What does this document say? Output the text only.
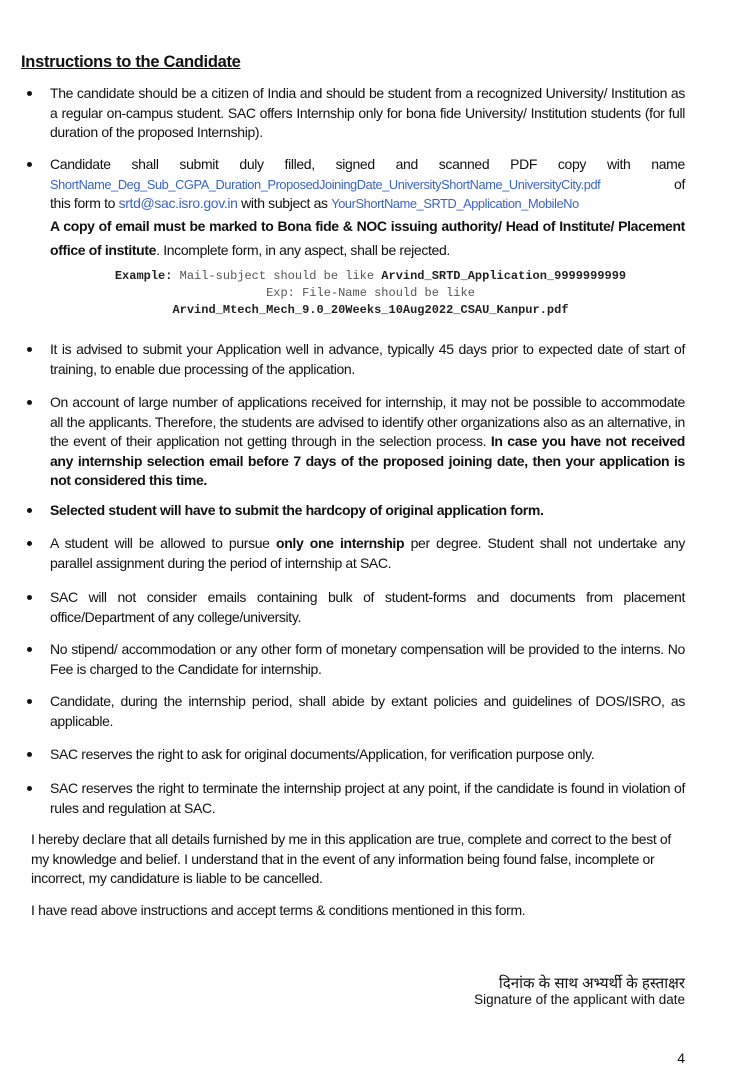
Instructions to the Candidate
The candidate should be a citizen of India and should be student from a recognized University/ Institution as a regular on-campus student. SAC offers Internship only for bona fide University/ Institution students (for full duration of the proposed Internship).
Candidate shall submit duly filled, signed and scanned PDF copy with name
ShortName_Deg_Sub_CGPA_Duration_ProposedJoiningDate_UniversityShortName_UniversityCity.pdf	of
this form to srtd@sac.isro.gov.in with subject as YourShortName_SRTD_Application_MobileNo
A copy of email must be marked to Bona fide & NOC issuing authority/ Head of Institute/ Placement office of institute. Incomplete form, in any aspect, shall be rejected.
Example: Mail-subject should be like Arvind_SRTD_Application_9999999999
Exp: File-Name should be like
Arvind_Mtech_Mech_9.0_20Weeks_10Aug2022_CSAU_Kanpur.pdf
It is advised to submit your Application well in advance, typically 45 days prior to expected date of start of training, to enable due processing of the application.
On account of large number of applications received for internship, it may not be possible to accommodate all the applicants. Therefore, the students are advised to identify other organizations also as an alternative, in the event of their application not getting through in the selection process. In case you have not received any internship selection email before 7 days of the proposed joining date, then your application is not considered this time.
Selected student will have to submit the hardcopy of original application form.
A student will be allowed to pursue only one internship per degree. Student shall not undertake any parallel assignment during the period of internship at SAC.
SAC will not consider emails containing bulk of student-forms and documents from placement office/Department of any college/university.
No stipend/ accommodation or any other form of monetary compensation will be provided to the interns. No Fee is charged to the Candidate for internship.
Candidate, during the internship period, shall abide by extant policies and guidelines of DOS/ISRO, as applicable.
SAC reserves the right to ask for original documents/Application, for verification purpose only.
SAC reserves the right to terminate the internship project at any point, if the candidate is found in violation of rules and regulation at SAC.
I hereby declare that all details furnished by me in this application are true, complete and correct to the best of my knowledge and belief. I understand that in the event of any information being found false, incomplete or incorrect, my candidature is liable to be cancelled.
I have read above instructions and accept terms & conditions mentioned in this form.
दिनांक के साथ अभ्यर्थी के हस्ताक्षर
Signature of the applicant with date
4
